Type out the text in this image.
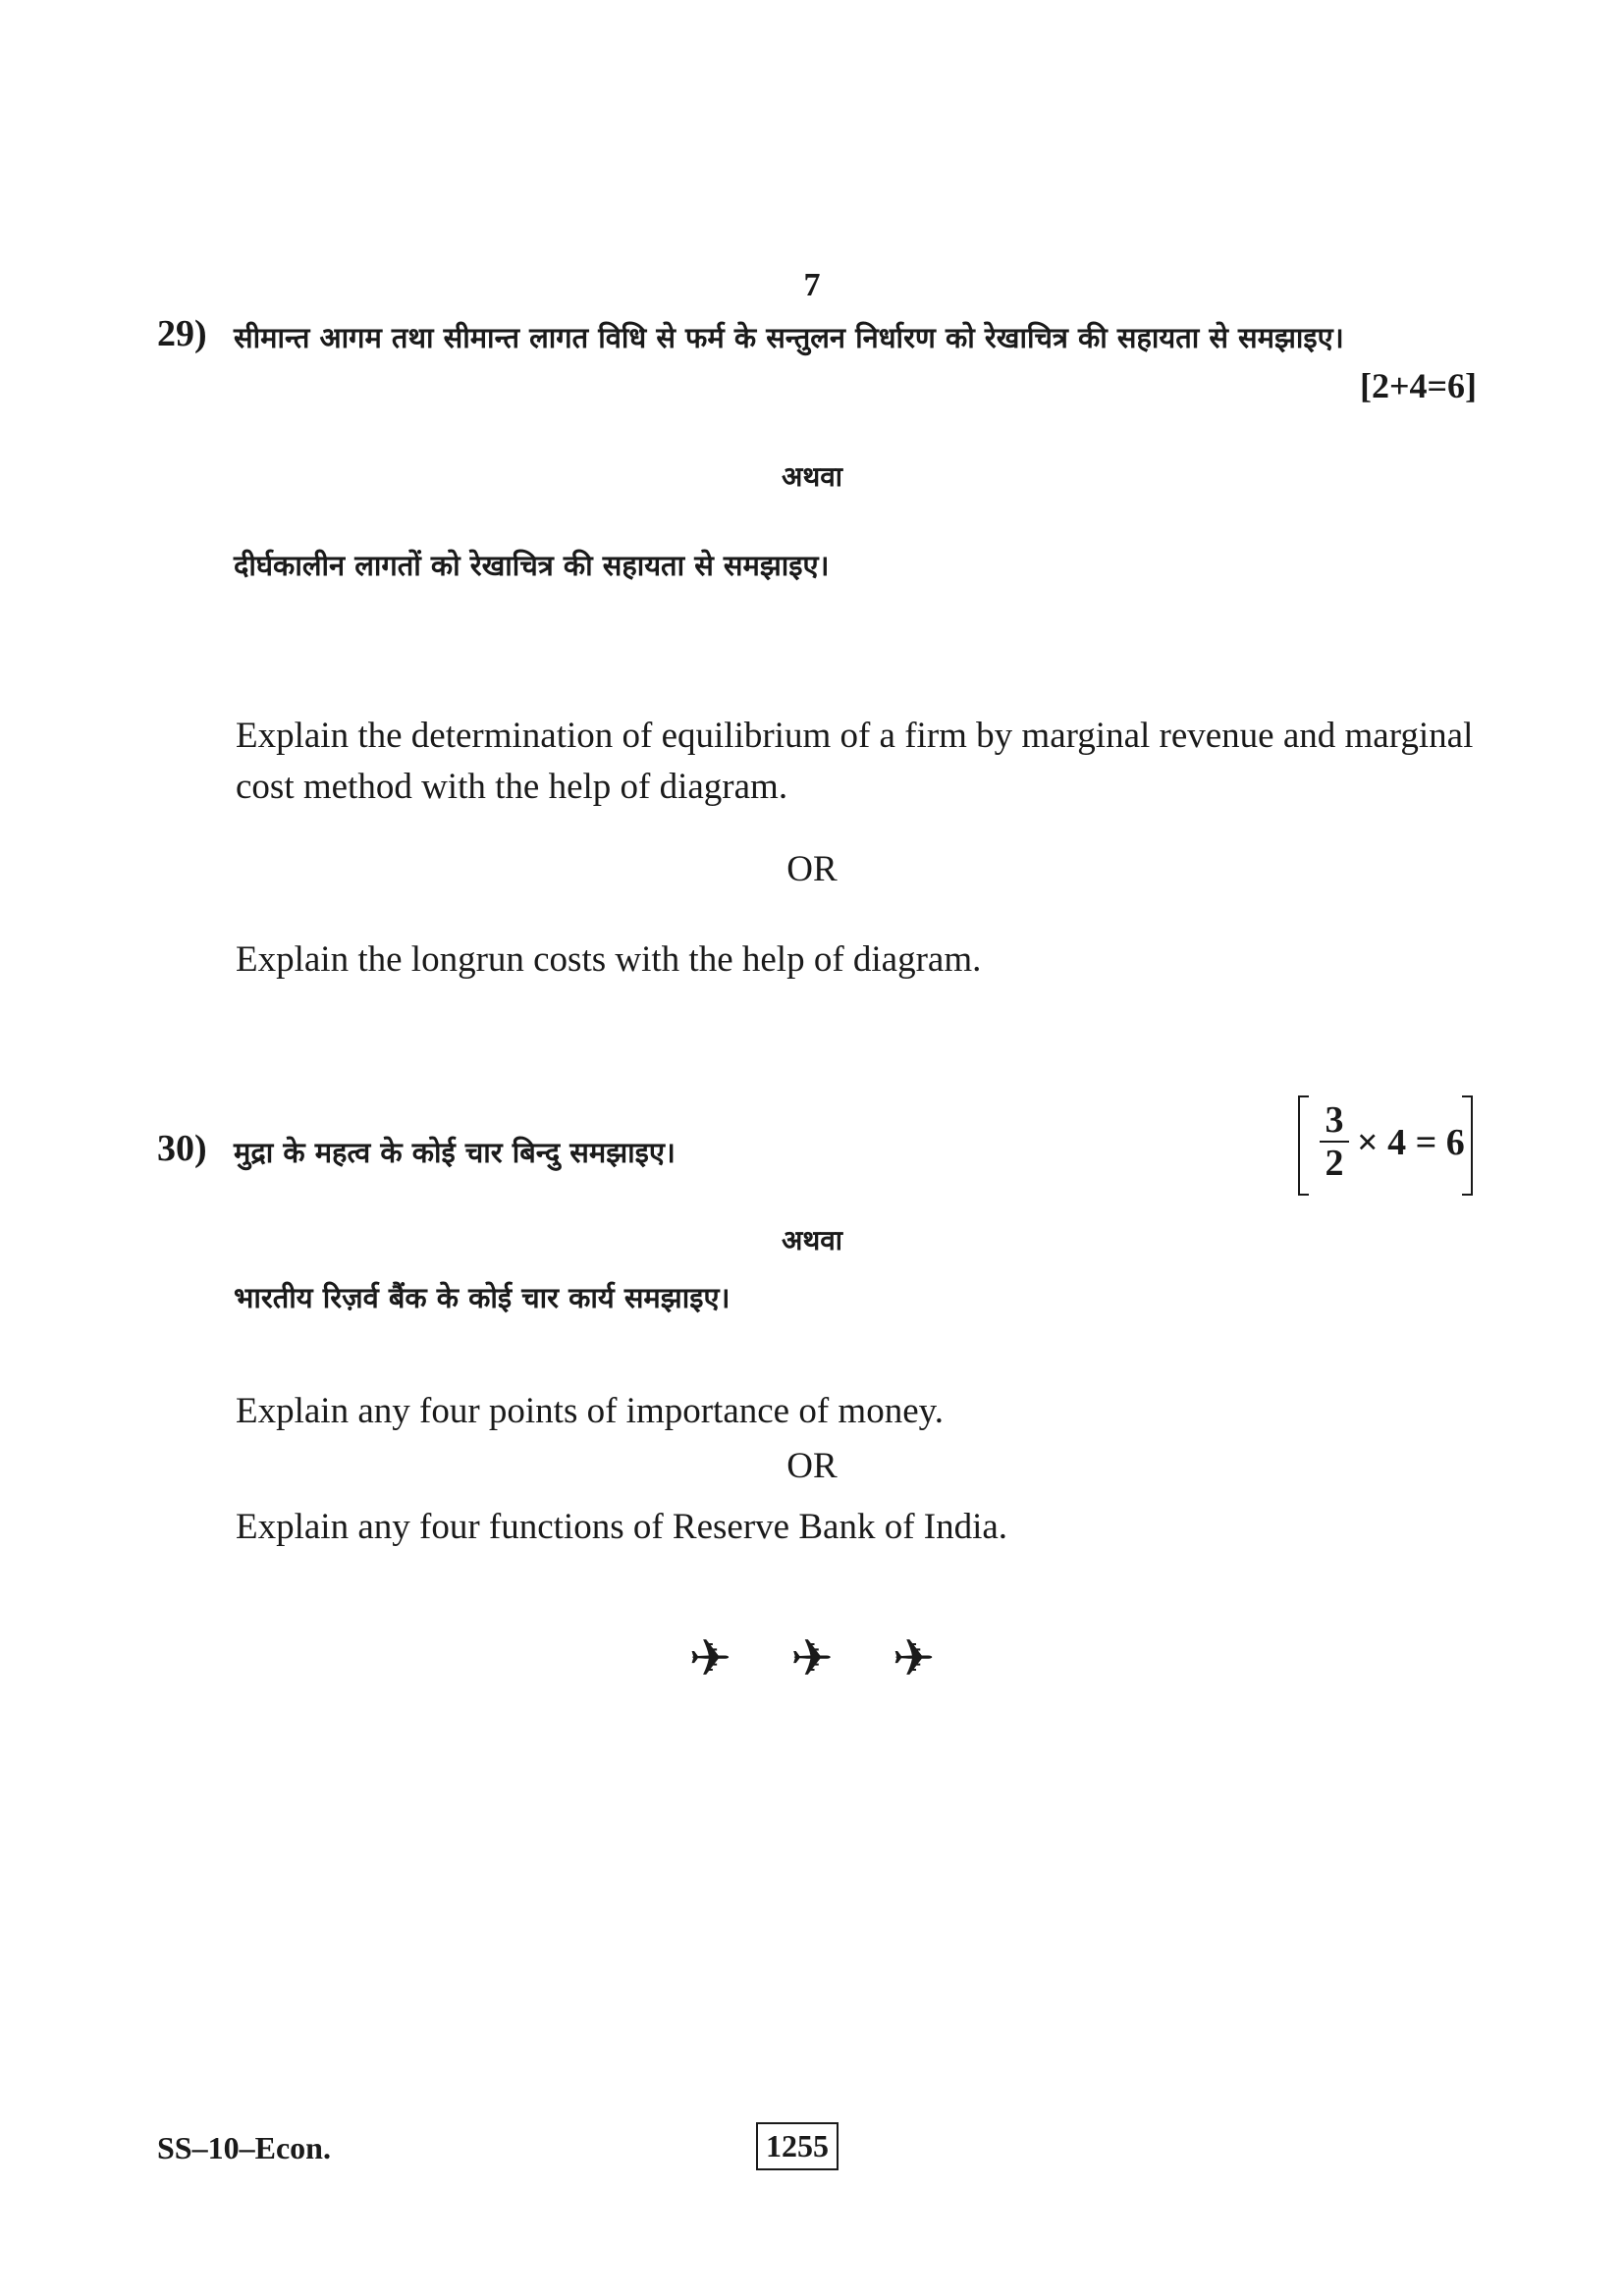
7
29) सीमान्त आगम तथा सीमान्त लागत विधि से फर्म के सन्तुलन निर्धारण को रेखाचित्र की सहायता से समझाइए।
[2+4=6]
अथवा
दीर्घकालीन लागतों को रेखाचित्र की सहायता से समझाइए।
Explain the determination of equilibrium of a firm by marginal revenue and marginal
cost method with the help of diagram.
OR
Explain the longrun costs with the help of diagram.
30) मुद्रा के महत्व के कोई चार बिन्दु समझाइए।	$\frac{3}{2} \times 4 = 6$
अथवा
भारतीय रिज़र्व बैंक के कोई चार कार्य समझाइए।
Explain any four points of importance of money.
OR
Explain any four functions of Reserve Bank of India.
✈ ✈ ✈
SS–10–Econ.	1255
